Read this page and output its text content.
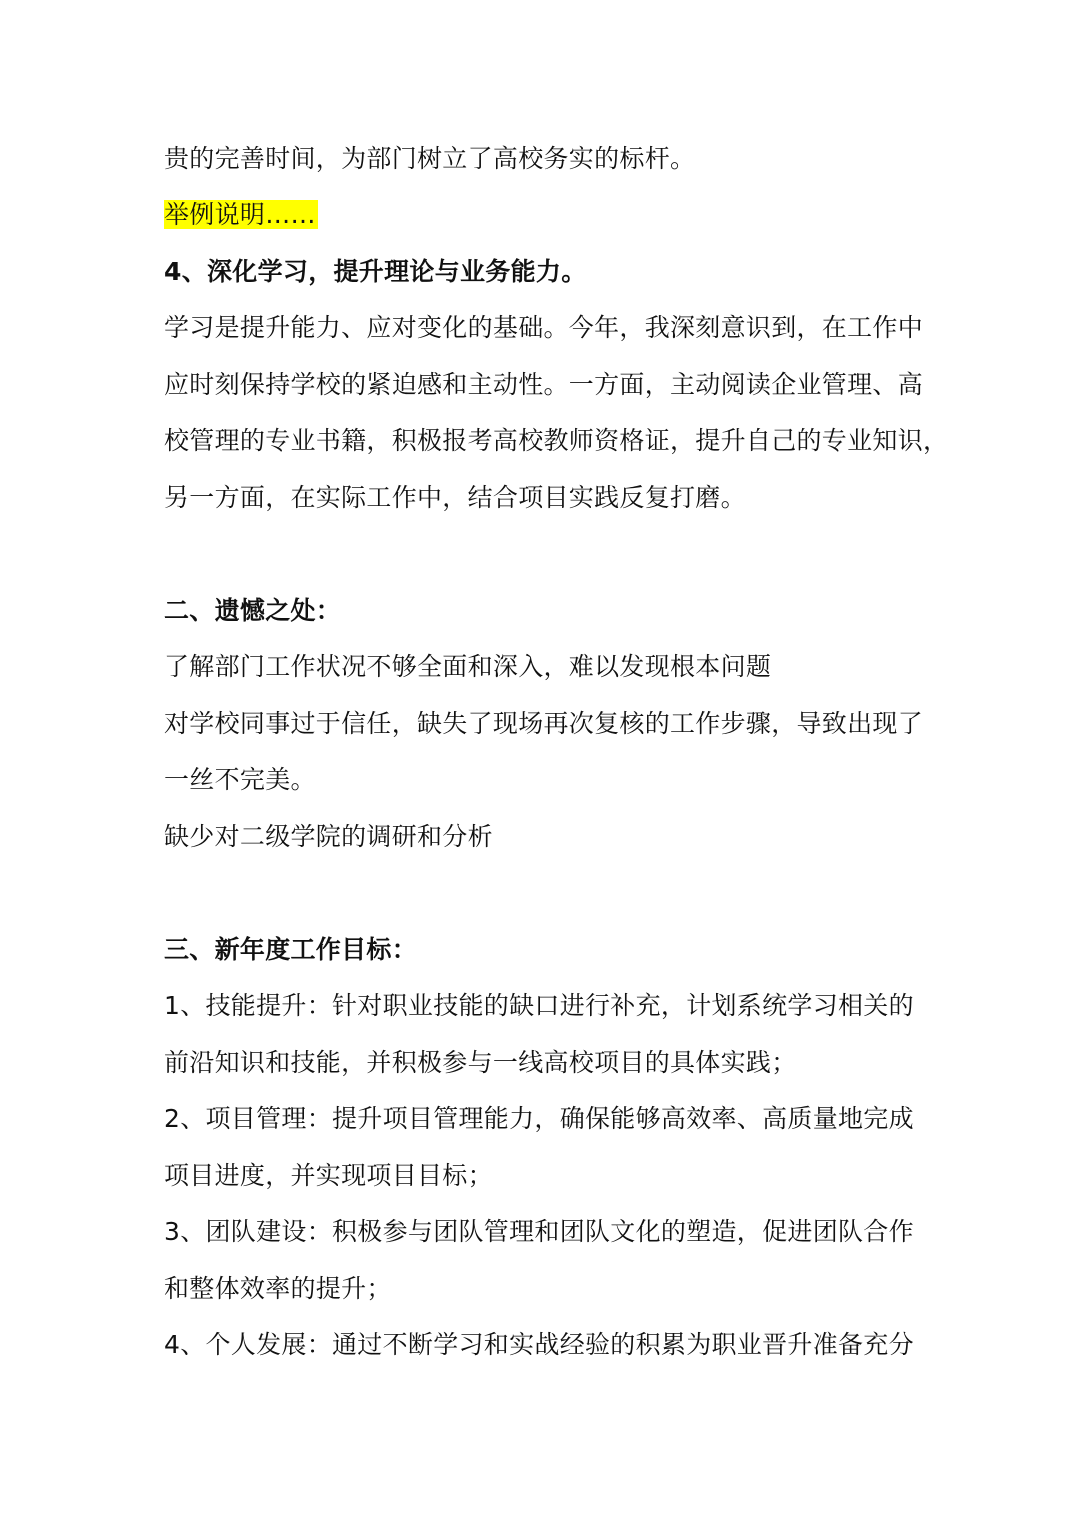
贵的完善时间，为部门树立了高校务实的标杆。
举例说明……
4、深化学习，提升理论与业务能力。
学习是提升能力、应对变化的基础。今年，我深刻意识到，在工作中
应时刻保持学校的紧迫感和主动性。一方面，主动阅读企业管理、高
校管理的专业书籍，积极报考高校教师资格证，提升自己的专业知识，
另一方面，在实际工作中，结合项目实践反复打磨。
二、遗憾之处：
了解部门工作状况不够全面和深入，难以发现根本问题
对学校同事过于信任，缺失了现场再次复核的工作步骤，导致出现了
一丝不完美。
缺少对二级学院的调研和分析
三、新年度工作目标：
1、技能提升：针对职业技能的缺口进行补充，计划系统学习相关的
前沿知识和技能，并积极参与一线高校项目的具体实践；
2、项目管理：提升项目管理能力，确保能够高效率、高质量地完成
项目进度，并实现项目目标；
3、团队建设：积极参与团队管理和团队文化的塑造，促进团队合作
和整体效率的提升；
4、个人发展：通过不断学习和实战经验的积累为职业晋升准备充分
